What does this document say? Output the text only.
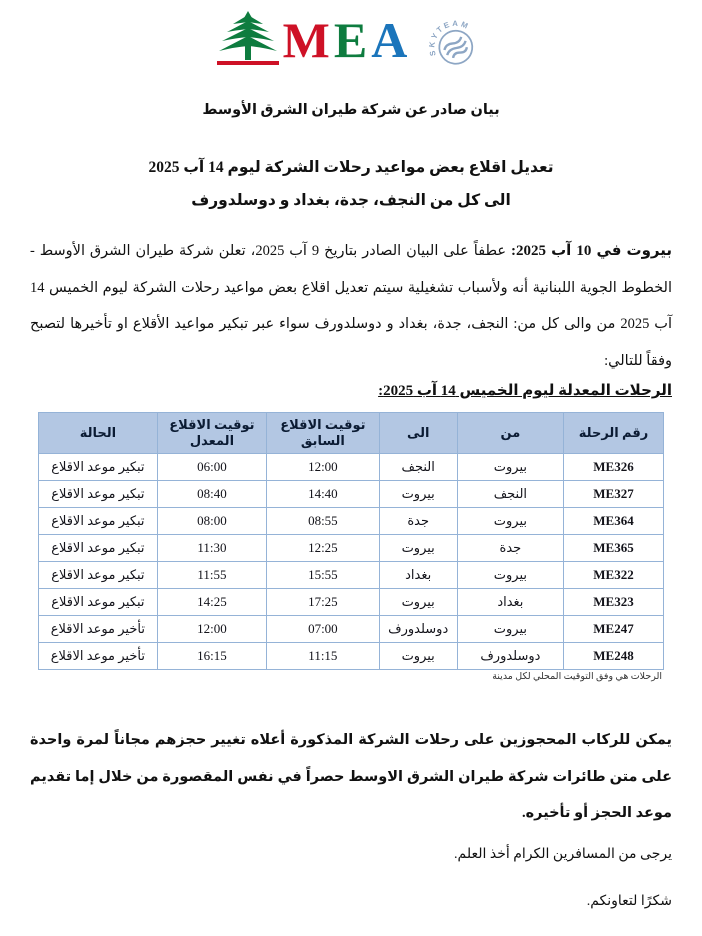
MEA	SKYTEAM
بيان صادر عن شركة طيران الشرق الأوسط
تعديل اقلاع بعض مواعيد رحلات الشركة ليوم 14 آب 2025
الى كل من النجف، جدة، بغداد و دوسلدورف

بيروت في 10 آب 2025: عطفاً على البيان الصادر بتاريخ 9 آب 2025، تعلن شركة طيران الشرق الأوسط - الخطوط الجوية اللبنانية أنه ولأسباب تشغيلية سيتم تعديل اقلاع بعض مواعيد رحلات الشركة ليوم الخميس 14 آب 2025 من والى كل من: النجف، جدة، بغداد و دوسلدورف سواء عبر تبكير مواعيد الأقلاع او تأخيرها لتصبح وفقاً للتالي:

الرحلات المعدلة ليوم الخميس 14 آب 2025:
رقم الرحلة	من	الى	توقيت الاقلاع السابق	توقيت الاقلاع المعدل	الحالة
ME326	بيروت	النجف	12:00	06:00	تبكير موعد الاقلاع
ME327	النجف	بيروت	14:40	08:40	تبكير موعد الاقلاع
ME364	بيروت	جدة	08:55	08:00	تبكير موعد الاقلاع
ME365	جدة	بيروت	12:25	11:30	تبكير موعد الاقلاع
ME322	بيروت	بغداد	15:55	11:55	تبكير موعد الاقلاع
ME323	بغداد	بيروت	17:25	14:25	تبكير موعد الاقلاع
ME247	بيروت	دوسلدورف	07:00	12:00	تأخير موعد الاقلاع
ME248	دوسلدورف	بيروت	11:15	16:15	تأخير موعد الاقلاع
الرحلات هي وفق التوقيت المحلي لكل مدينة

يمكن للركاب المحجوزين على رحلات الشركة المذكورة أعلاه تغيير حجزهم مجاناً لمرة واحدة على متن طائرات شركة طيران الشرق الاوسط حصراً في نفس المقصورة من خلال إما تقديم موعد الحجز أو تأخيره.

يرجى من المسافرين الكرام أخذ العلم.

شكرًا لتعاونكم.
